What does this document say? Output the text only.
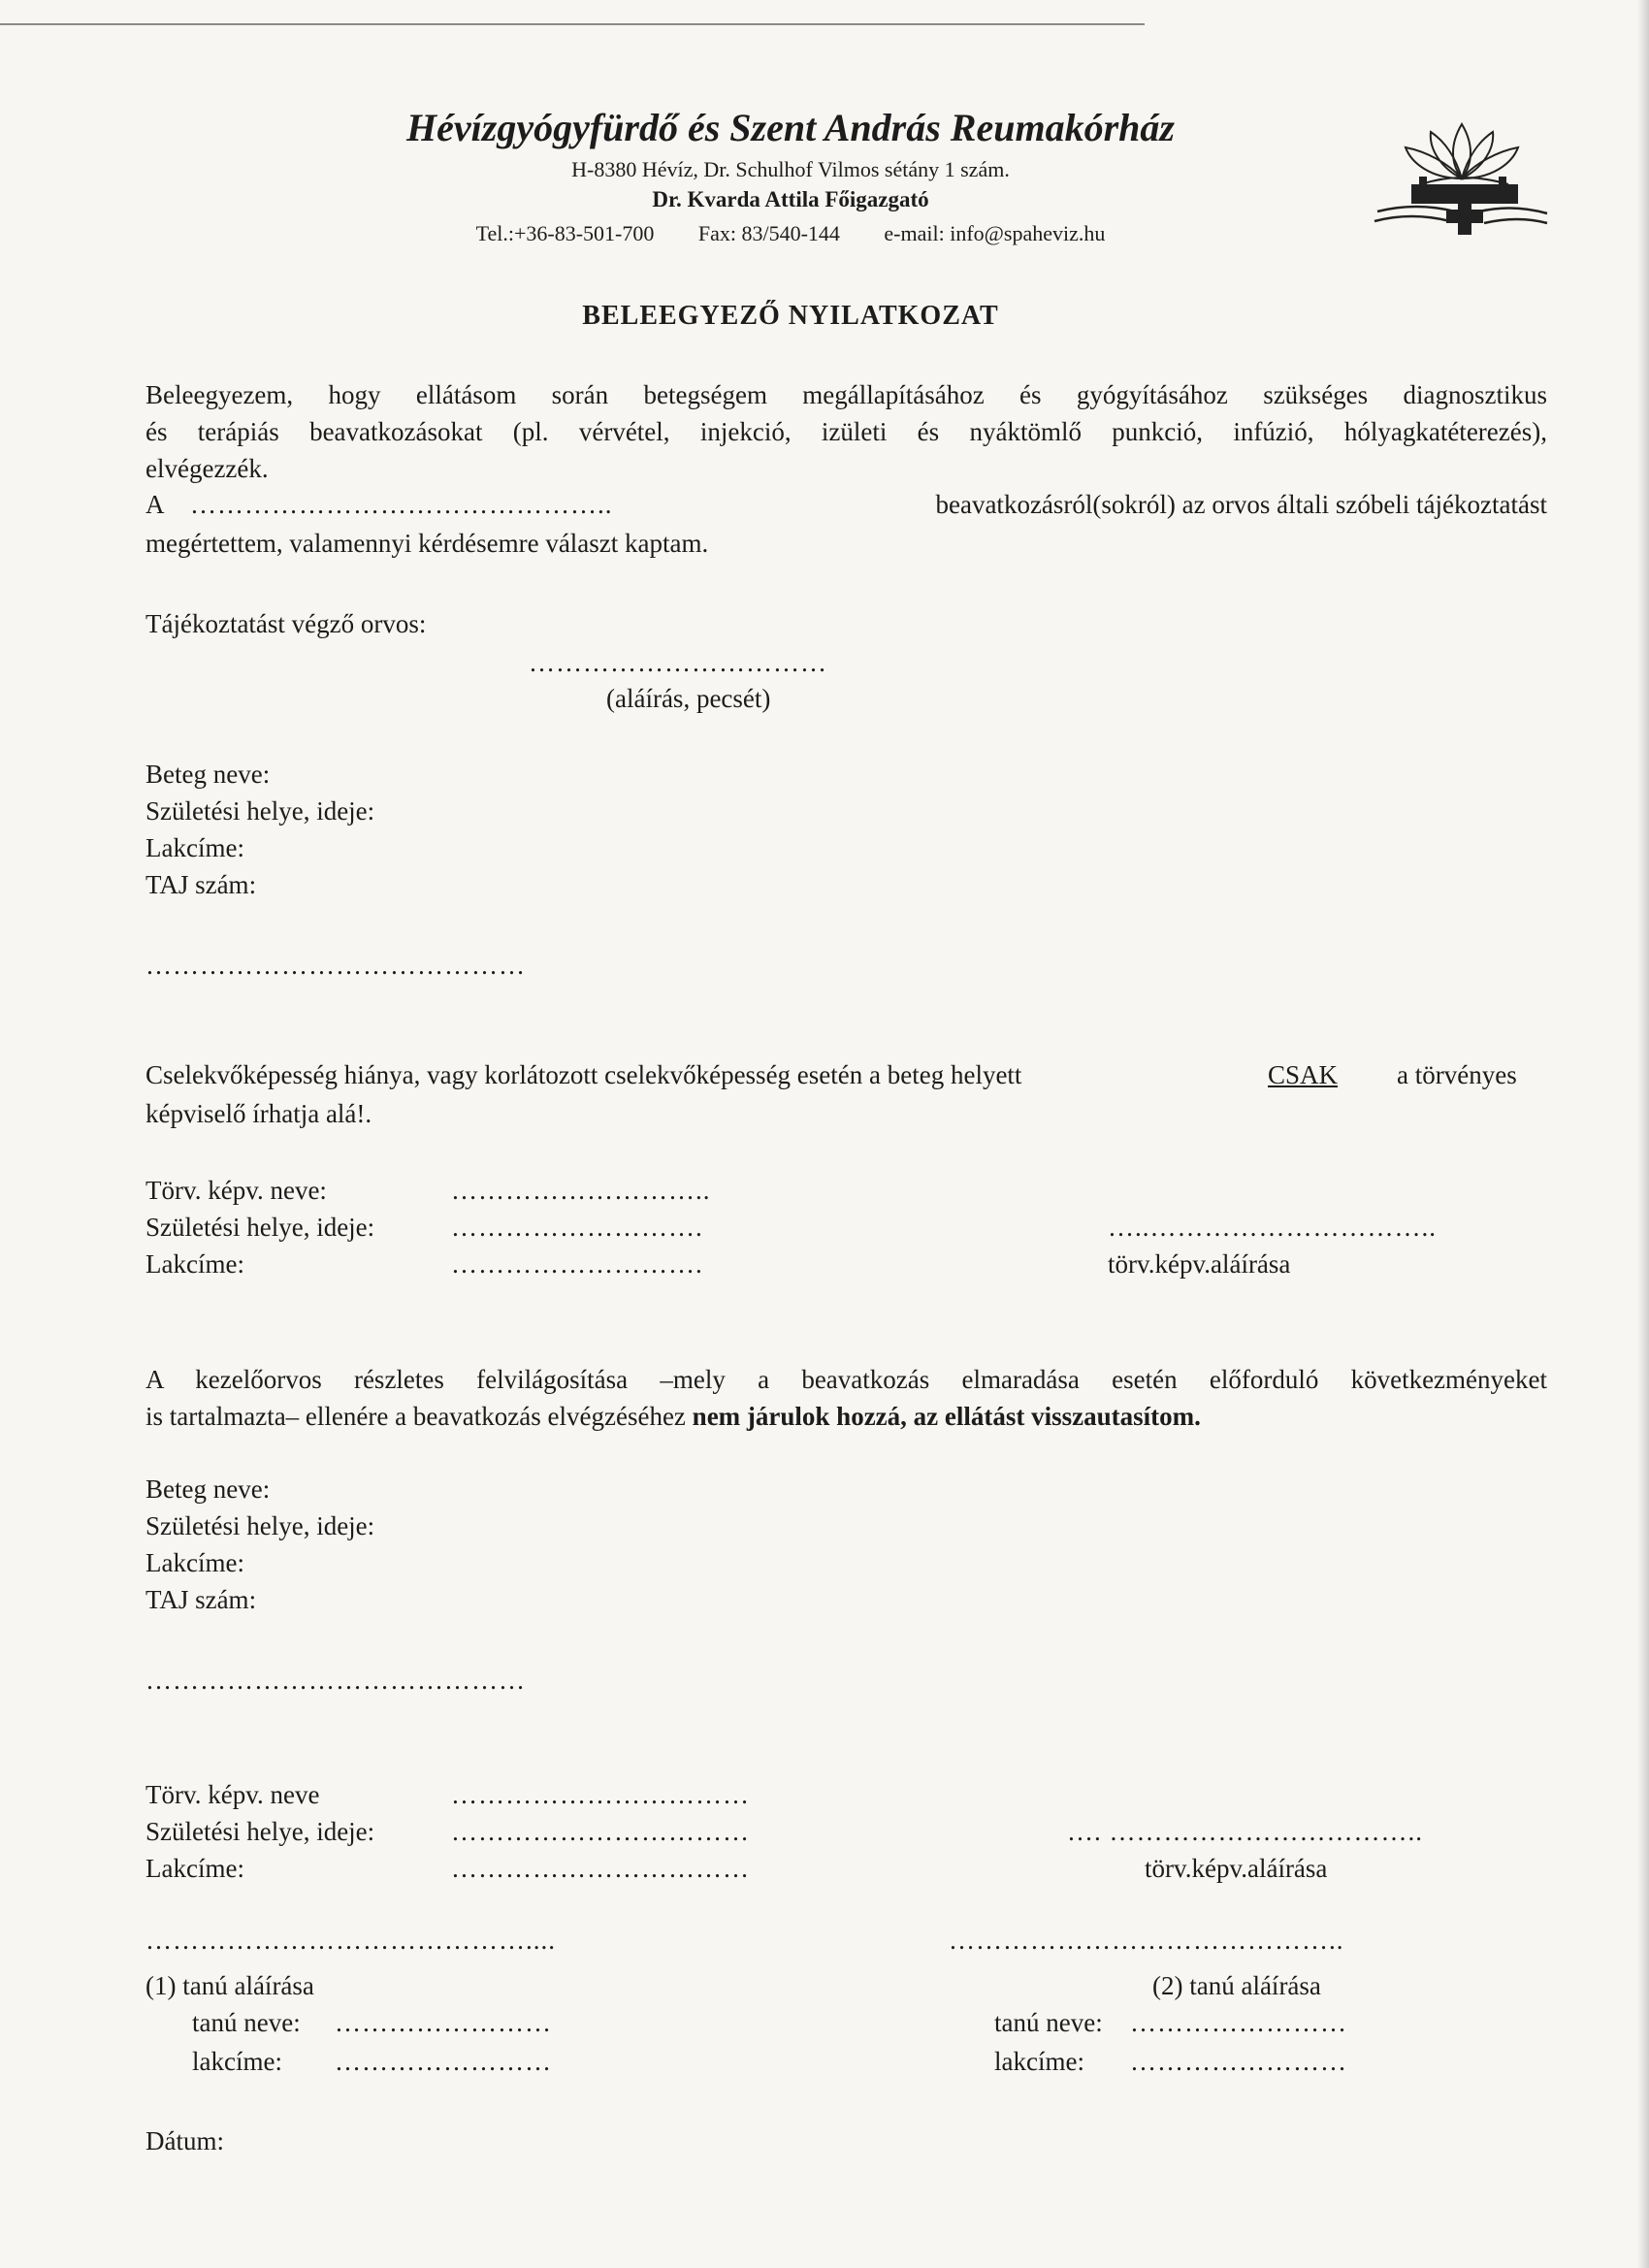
Hévízgyógyfürdő és Szent András Reumakórház
H-8380 Hévíz, Dr. Schulhof Vilmos sétány 1 szám.
Dr. Kvarda Attila Főigazgató
Tel.:+36-83-501-700 Fax: 83/540-144 e-mail: info@spaheviz.hu
BELEEGYEZŐ NYILATKOZAT
Beleegyezem, hogy ellátásom során betegségem megállapításához és gyógyításához szükséges diagnosztikus
és terápiás beavatkozásokat (pl. vérvétel, injekció, izületi és nyáktömlő punkció, infúzió, hólyagkatéterezés),
elvégezzék.
A ………………………………………..	beavatkozásról(sokról) az orvos általi szóbeli tájékoztatást
megértettem, valamennyi kérdésemre választ kaptam.
Tájékoztatást végző orvos:
……………………………
(aláírás, pecsét)
Beteg neve:
Születési helye, ideje:
Lakcíme:
TAJ szám:
……………………………………
Cselekvőképesség hiánya, vagy korlátozott cselekvőképesség esetén a beteg helyett	CSAK a törvényes
képviselő írhatja alá!.
Törv. képv. neve:	………………………..
Születési helye, ideje:	……………………….
Lakcíme:	……………………….
…..…………………………..
törv.képv.aláírása
A kezelőorvos részletes felvilágosítása –mely a beavatkozás elmaradása esetén előforduló következményeket
is tartalmazta– ellenére a beavatkozás elvégzéséhez nem járulok hozzá, az ellátást visszautasítom.
Beteg neve:
Születési helye, ideje:
Lakcíme:
TAJ szám:
……………………………………
Törv. képv. neve	……………………………
Születési helye, ideje:	……………………………
Lakcíme:	……………………………
…. ……………………………..
törv.képv.aláírása
……………………………………....
(1) tanú aláírása
tanú neve: ……………………
lakcíme: ……………………
……………………………………..
(2) tanú aláírása
tanú neve: ……………………
lakcíme: ……………………
Dátum:
